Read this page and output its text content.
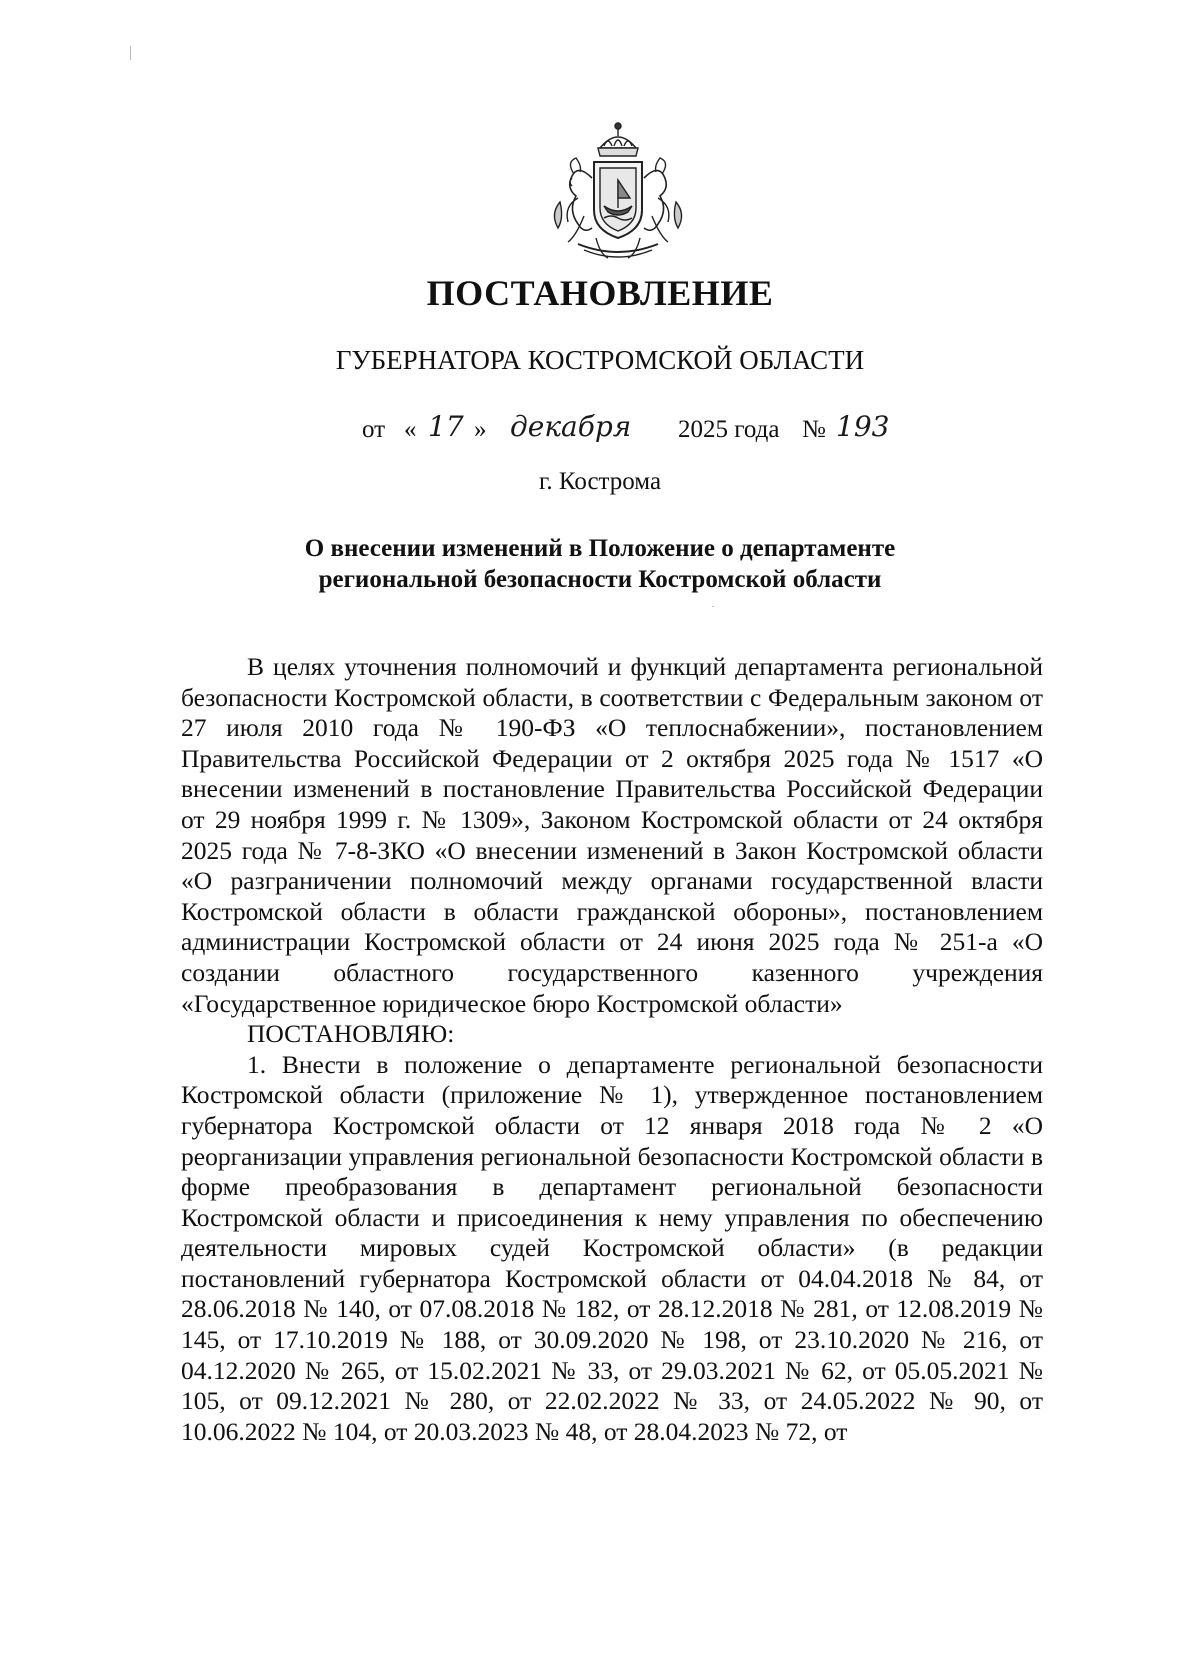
ПОСТАНОВЛЕНИЕ
ГУБЕРНАТОРА КОСТРОМСКОЙ ОБЛАСТИ
от « 17 » декабря 2025 года № 193
г. Кострома
О внесении изменений в Положение о департаменте
региональной безопасности Костромской области

В целях уточнения полномочий и функций департамента региональной безопасности Костромской области, в соответствии с Федеральным законом от 27 июля 2010 года № 190-ФЗ «О теплоснабжении», постановлением Правительства Российской Федерации от 2 октября 2025 года № 1517 «О внесении изменений в постановление Правительства Российской Федерации от 29 ноября 1999 г. № 1309», Законом Костромской области от 24 октября 2025 года № 7-8-ЗКО «О внесении изменений в Закон Костромской области «О разграничении полномочий между органами государственной власти Костромской области в области гражданской обороны», постановлением администрации Костромской области от 24 июня 2025 года № 251-а «О создании областного государственного казенного учреждения «Государственное юридическое бюро Костромской области»

ПОСТАНОВЛЯЮ:

1. Внести в положение о департаменте региональной безопасности Костромской области (приложение № 1), утвержденное постановлением губернатора Костромской области от 12 января 2018 года № 2 «О реорганизации управления региональной безопасности Костромской области в форме преобразования в департамент региональной безопасности Костромской области и присоединения к нему управления по обеспечению деятельности мировых судей Костромской области» (в редакции постановлений губернатора Костромской области от 04.04.2018 № 84, от 28.06.2018 № 140, от 07.08.2018 № 182, от 28.12.2018 № 281, от 12.08.2019 № 145, от 17.10.2019 № 188, от 30.09.2020 № 198, от 23.10.2020 № 216, от 04.12.2020 № 265, от 15.02.2021 № 33, от 29.03.2021 № 62, от 05.05.2021 № 105, от 09.12.2021 № 280, от 22.02.2022 № 33, от 24.05.2022 № 90, от 10.06.2022 № 104, от 20.03.2023 № 48, от 28.04.2023 № 72, от
